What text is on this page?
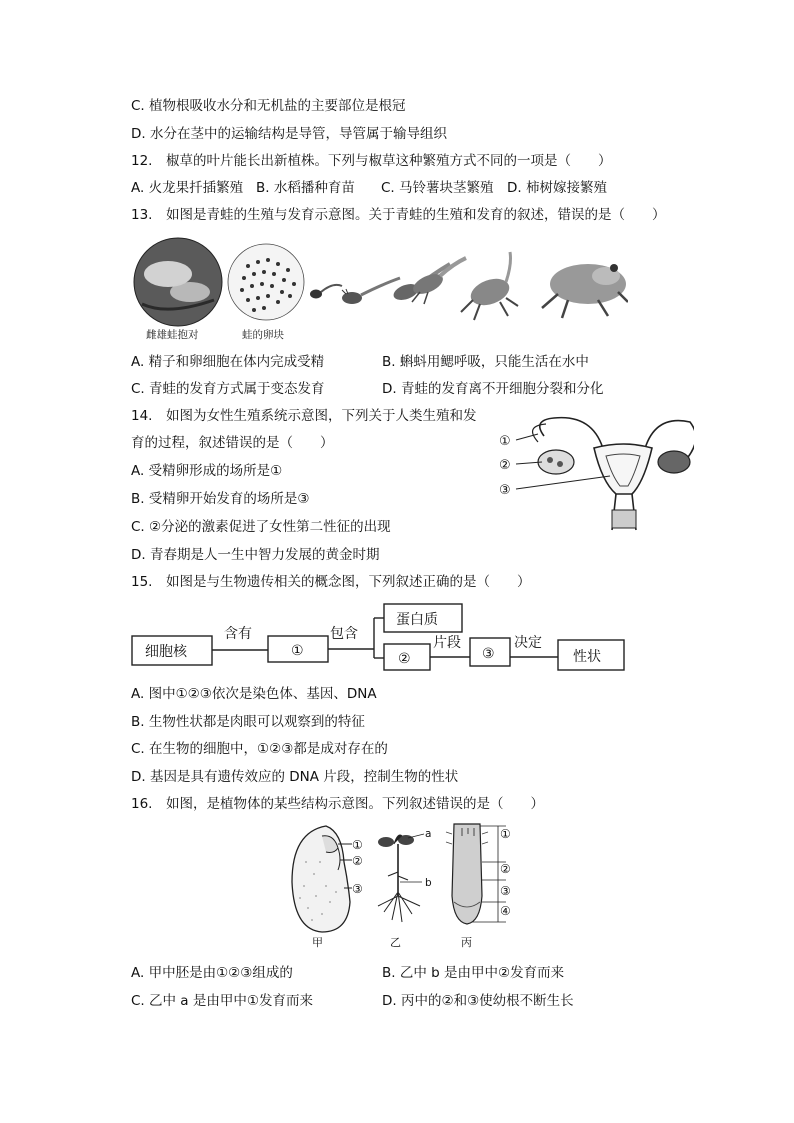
C. 植物根吸收水分和无机盐的主要部位是根冠
D. 水分在茎中的运输结构是导管，导管属于输导组织
12.　椒草的叶片能长出新植株。下列与椒草这种繁殖方式不同的一项是（　　）
A. 火龙果扦插繁殖 B. 水稻播种育苗 C. 马铃薯块茎繁殖 D. 柿树嫁接繁殖
13.　如图是青蛙的生殖与发育示意图。关于青蛙的生殖和发育的叙述，错误的是（　　）
雌雄蛙抱对	蛙的卵块
A. 精子和卵细胞在体内完成受精	B. 蝌蚪用鳃呼吸，只能生活在水中
C. 青蛙的发育方式属于变态发育	D. 青蛙的发育离不开细胞分裂和分化
14.　如图为女性生殖系统示意图，下列关于人类生殖和发
育的过程，叙述错误的是（　　）
A. 受精卵形成的场所是①
B. 受精卵开始发育的场所是③
C. ②分泌的激素促进了女性第二性征的出现
D. 青春期是人一生中智力发展的黄金时期
①
②
③
15.　如图是与生物遗传相关的概念图，下列叙述正确的是（　　）
细胞核
含有
①
包含
蛋白质
②
片段
③
决定
性状
A. 图中①②③依次是染色体、基因、DNA
B. 生物性状都是肉眼可以观察到的特征
C. 在生物的细胞中，①②③都是成对存在的
D. 基因是具有遗传效应的 DNA 片段，控制生物的性状
16.　如图，是植物体的某些结构示意图。下列叙述错误的是（　　）
①
②
③
a
b
①
②
③
④
甲	乙	丙
A. 甲中胚是由①②③组成的	B. 乙中 b 是由甲中②发育而来
C. 乙中 a 是由甲中①发育而来	D. 丙中的②和③使幼根不断生长
